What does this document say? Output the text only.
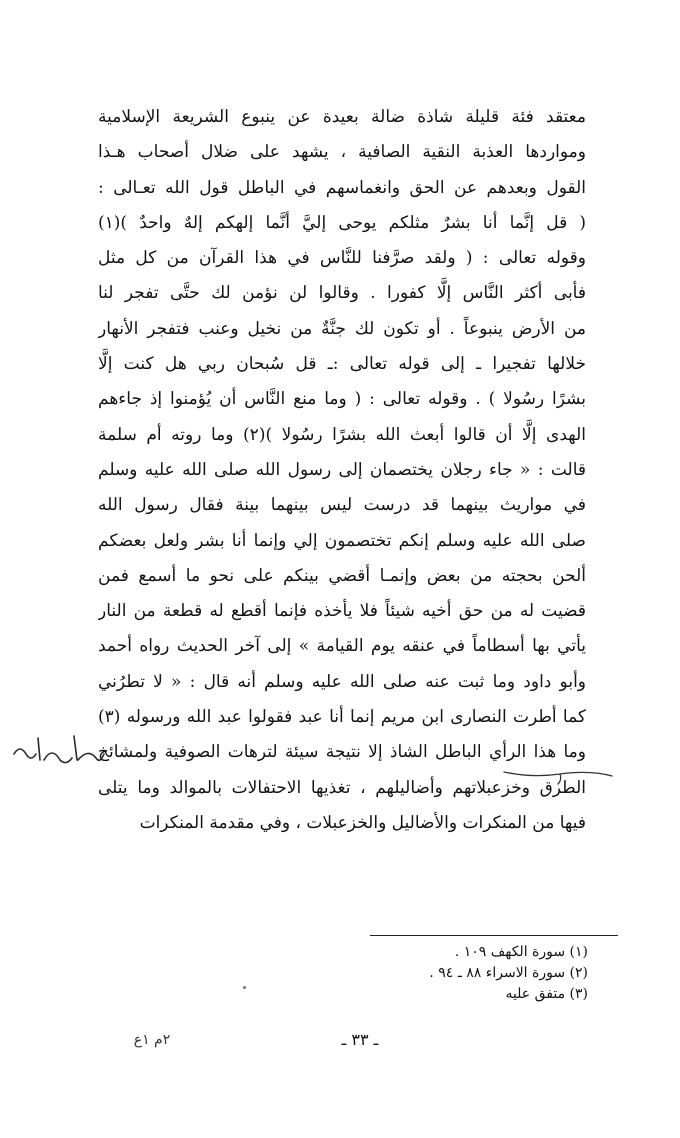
معتقد فئة قليلة شاذة ضالة بعيدة عن ينبوع الشريعة الإسلامية
ومواردها العذبة النقية الصافية ، يشهد على ضلال أصحاب هـذا
القول وبعدهم عن الحق وانغماسهم في الباطل قول الله تعـالى :
( قل إنَّما أنا بشرٌ مثلكم يوحى إليَّ أنَّما إلهكم إلهٌ واحدٌ )(١)
وقوله تعالى : ( ولقد صرَّفنا للنَّاس في هذا القرآن من كل مثل
فأبى أكثر النَّاس إلَّا كفورا . وقالوا لن نؤمن لك حتَّى تفجر لنا
من الأرض ينبوعاً . أو تكون لك جنَّةٌ من نخيل وعنب فتفجر الأنهار
خلالها تفجيرا ـ إلى قوله تعالى :ـ قل سُبحان ربي هل كنت إلَّا
بشرًا رسُولا ) . وقوله تعالى : ( وما منع النَّاس أن يُؤمنوا إذ جاءهم
الهدى إلَّا أن قالوا أبعث الله بشرًا رسُولا )(٢) وما روته أم سلمة
قالت : « جاء رجلان يختصمان إلى رسول الله صلى الله عليه وسلم
في مواريث بينهما قد درست ليس بينهما بينة فقال رسول الله
صلى الله عليه وسلم إنكم تختصمون إلي وإنما أنا بشر ولعل بعضكم
ألحن بحجته من بعض وإنمـا أقضي بينكم على نحو ما أسمع فمن
قضيت له من حق أخيه شيئاً فلا يأخذه فإنما أقطع له قطعة من النار
يأتي بها أسطاماً في عنقه يوم القيامة » إلى آخر الحديث رواه أحمد
وأبو داود وما ثبت عنه صلى الله عليه وسلم أنه قال : « لا تطرُني
كما أطرت النصارى ابن مريم إنما أنا عبد فقولوا عبد الله ورسوله (٣)
وما هذا الرأي الباطل الشاذ إلا نتيجة سيئة لترهات الصوفية ولمشائخ
الطرق وخزعبلاتهم وأضاليلهم ، تغذيها الاحتفالات بالموالد وما يتلى
فيها من المنكرات والأضاليل والخزعبلات ، وفي مقدمة المنكرات
(١) سورة الكهف ١٠٩ .
(٢) سورة الاسراء ٨٨ ـ ٩٤ .
(٣) متفق عليه
ـ ٣٣ ـ
٢م ١ع
